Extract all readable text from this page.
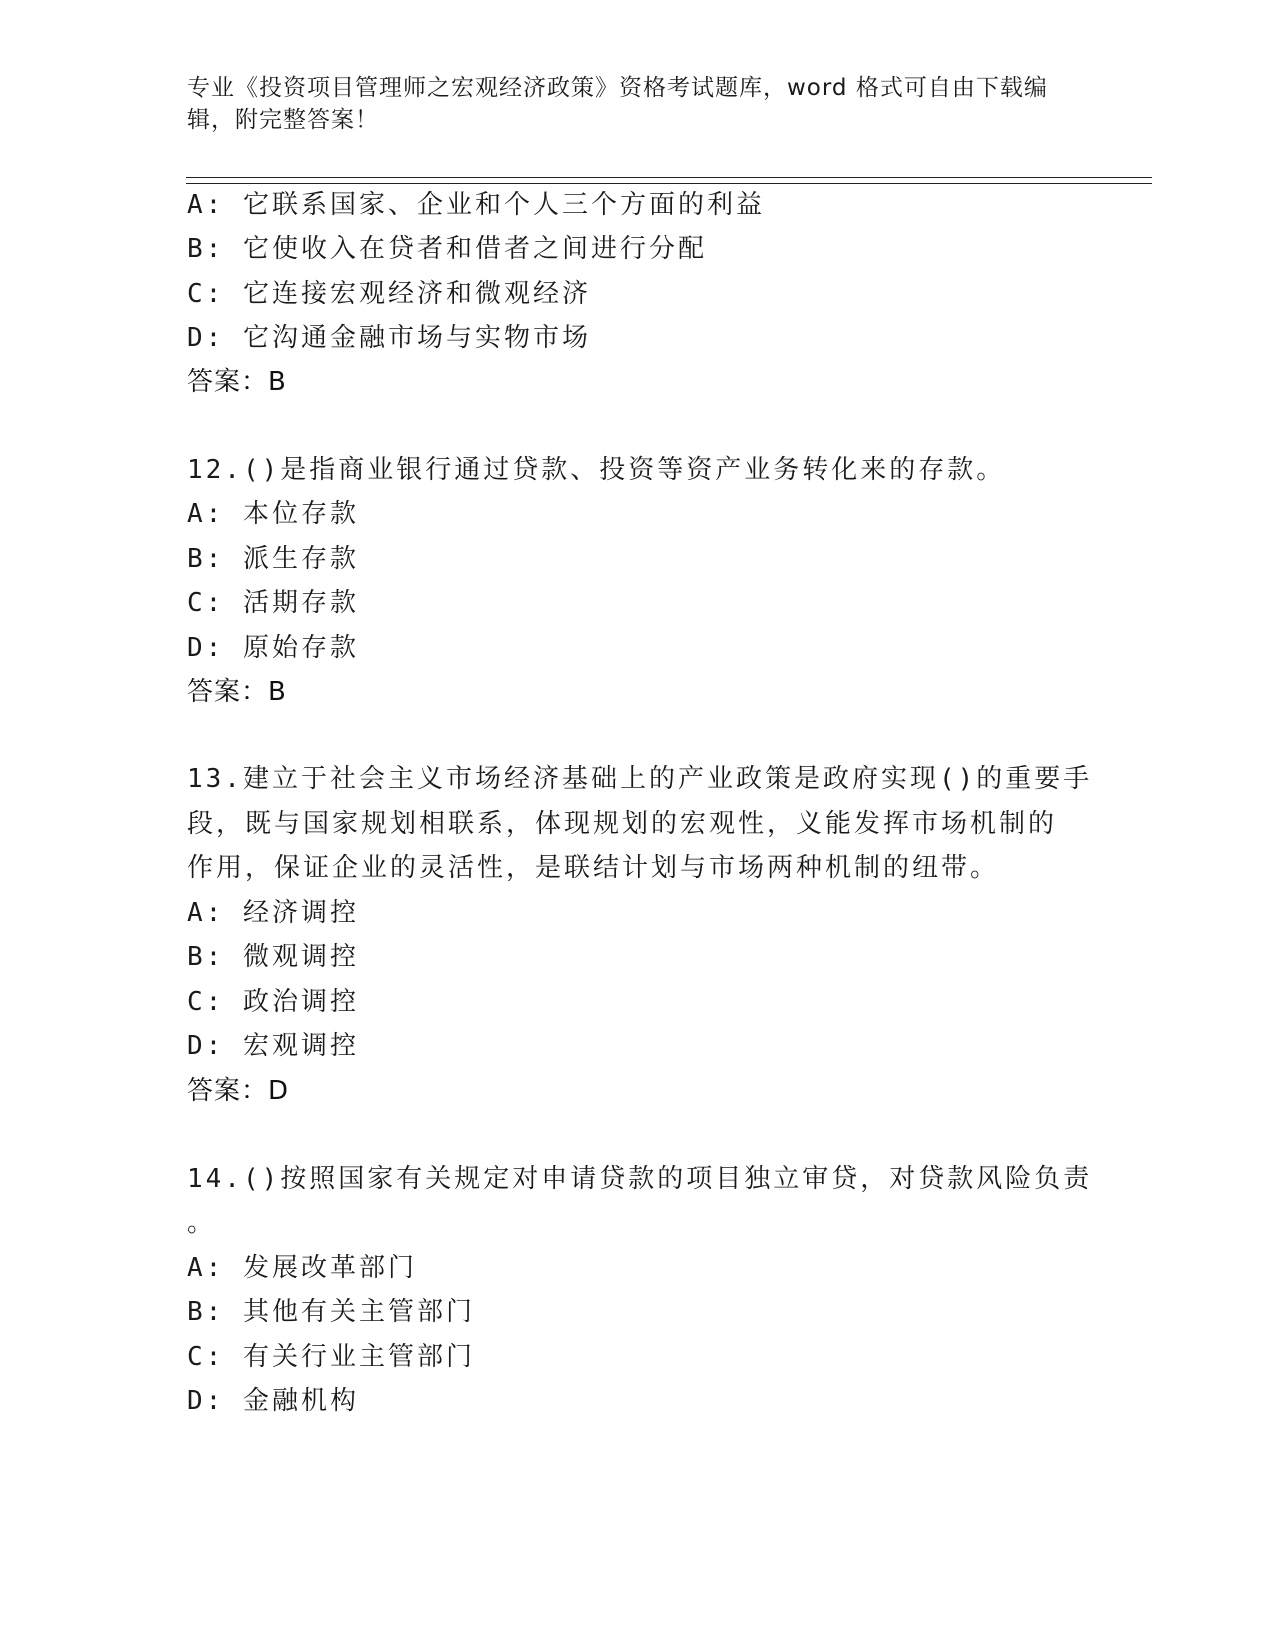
专业《投资项目管理师之宏观经济政策》资格考试题库，word 格式可自由下载编辑，附完整答案！
A: 它联系国家、企业和个人三个方面的利益
B: 它使收入在贷者和借者之间进行分配
C: 它连接宏观经济和微观经济
D: 它沟通金融市场与实物市场
答案：B
12.()是指商业银行通过贷款、投资等资产业务转化来的存款。
A: 本位存款
B: 派生存款
C: 活期存款
D: 原始存款
答案：B
13.建立于社会主义市场经济基础上的产业政策是政府实现()的重要手
段，既与国家规划相联系，体现规划的宏观性，义能发挥市场机制的
作用，保证企业的灵活性，是联结计划与市场两种机制的纽带。
A: 经济调控
B: 微观调控
C: 政治调控
D: 宏观调控
答案：D
14.()按照国家有关规定对申请贷款的项目独立审贷，对贷款风险负责
。
A: 发展改革部门
B: 其他有关主管部门
C: 有关行业主管部门
D: 金融机构
